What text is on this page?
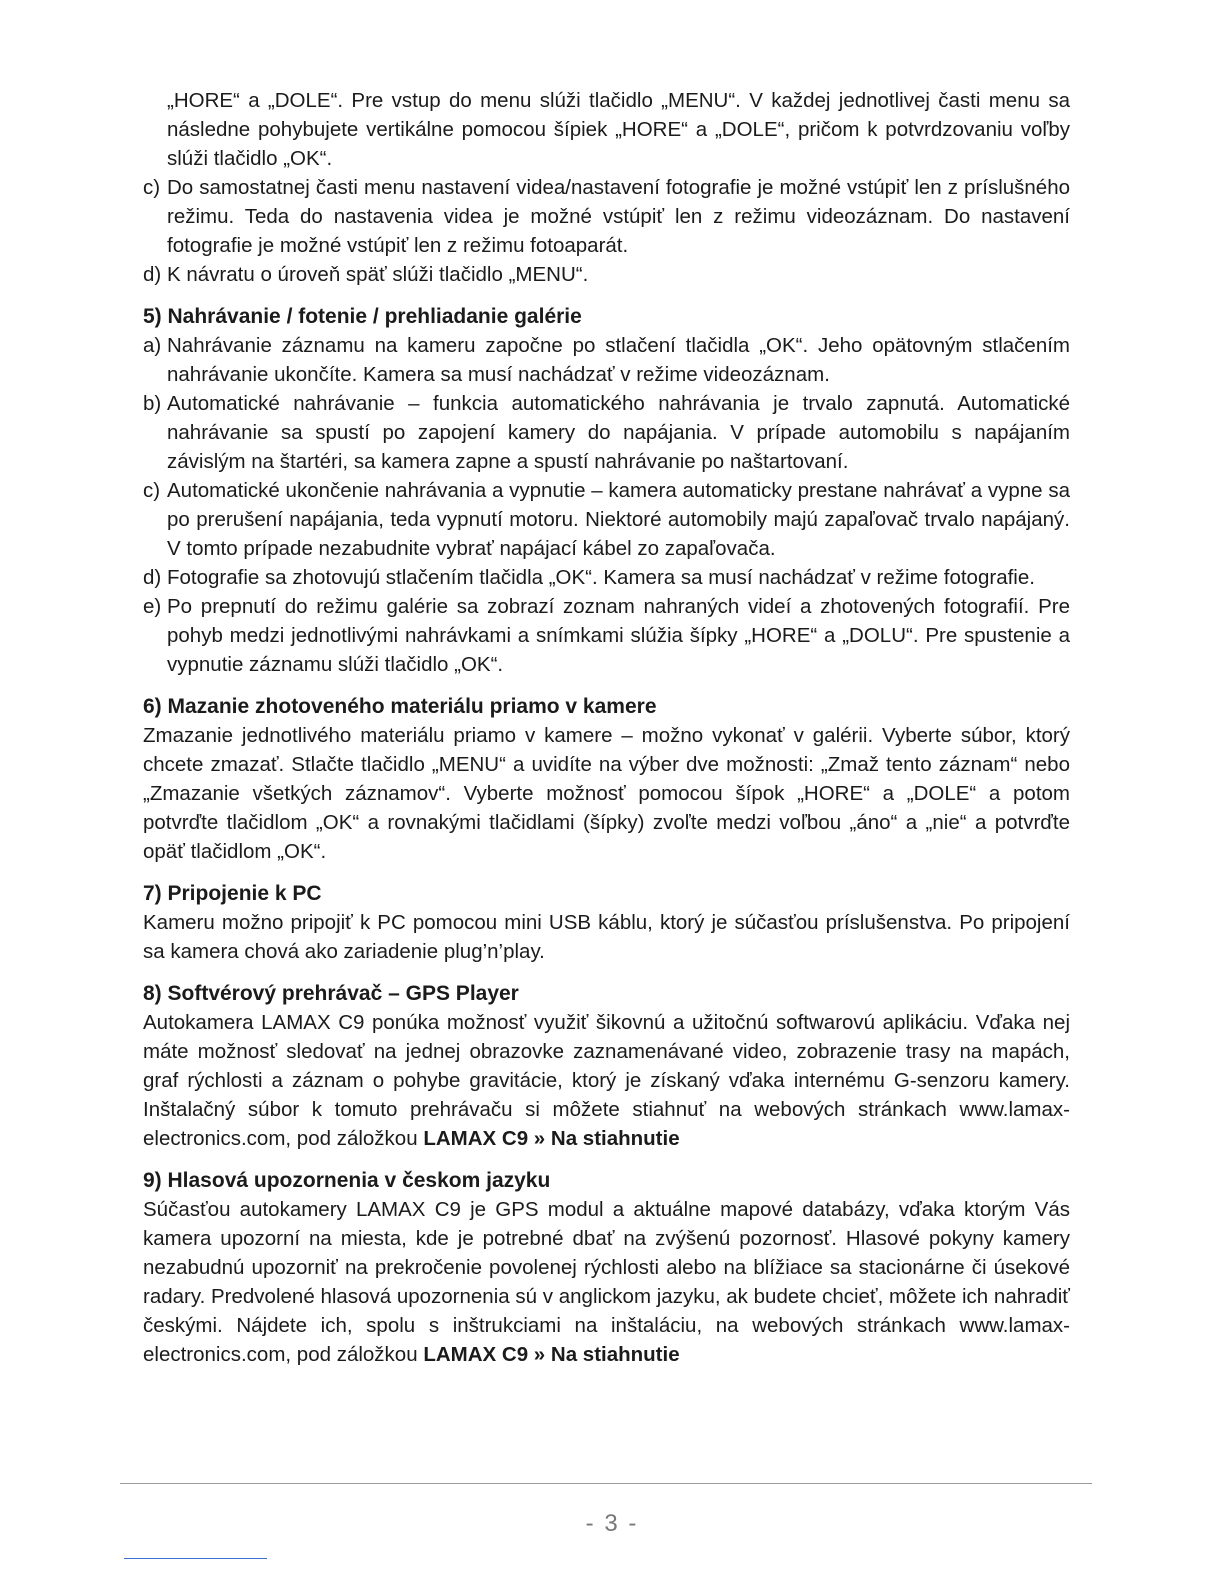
„HORE“ a „DOLE“. Pre vstup do menu slúži tlačidlo „MENU“. V každej jednotlivej časti menu sa následne pohybujete vertikálne pomocou šípiek „HORE“ a „DOLE“, pričom k potvrdzovaniu voľby slúži tlačidlo „OK“.

c) Do samostatnej časti menu nastavení videa/nastavení fotografie je možné vstúpiť len z príslušného režimu. Teda do nastavenia videa je možné vstúpiť len z režimu videozáznam. Do nastavení fotografie je možné vstúpiť len z režimu fotoaparát.
d) K návratu o úroveň späť slúži tlačidlo „MENU“.
5) Nahrávanie / fotenie / prehliadanie galérie
a) Nahrávanie záznamu na kameru započne po stlačení tlačidla „OK“. Jeho opätovným stlačením nahrávanie ukončíte. Kamera sa musí nachádzať v režime videozáznam.
b) Automatické nahrávanie – funkcia automatického nahrávania je trvalo zapnutá. Automatické nahrávanie sa spustí po zapojení kamery do napájania. V prípade automobilu s napájaním závislým na štartéri, sa kamera zapne a spustí nahrávanie po naštartovaní.
c) Automatické ukončenie nahrávania a vypnutie – kamera automaticky prestane nahrávať a vypne sa po prerušení napájania, teda vypnutí motoru. Niektoré automobily majú zapaľovač trvalo napájaný. V tomto prípade nezabudnite vybrať napájací kábel zo zapaľovača.
d) Fotografie sa zhotovujú stlačením tlačidla „OK“. Kamera sa musí nachádzať v režime fotografie.
e) Po prepnutí do režimu galérie sa zobrazí zoznam nahraných videí a zhotovených fotografií. Pre pohyb medzi jednotlivými nahrávkami a snímkami slúžia šípky „HORE“ a „DOLU“. Pre spustenie a vypnutie záznamu slúži tlačidlo „OK“.
6) Mazanie zhotoveného materiálu priamo v kamere

Zmazanie jednotlivého materiálu priamo v kamere – možno vykonať v galérii. Vyberte súbor, ktorý chcete zmazať. Stlačte tlačidlo „MENU“ a uvidíte na výber dve možnosti: „Zmaž tento záznam“ nebo „Zmazanie všetkých záznamov“. Vyberte možnosť pomocou šípok „HORE“ a „DOLE“ a potom potvrďte tlačidlom „OK“ a rovnakými tlačidlami (šípky) zvoľte medzi voľbou „áno“ a „nie“ a potvrďte opäť tlačidlom „OK“.

7) Pripojenie k PC

Kameru možno pripojiť k PC pomocou mini USB káblu, ktorý je súčasťou príslušenstva. Po pripojení sa kamera chová ako zariadenie plug’n’play.

8) Softvérový prehrávač – GPS Player

Autokamera LAMAX C9 ponúka možnosť využiť šikovnú a užitočnú softwarovú aplikáciu. Vďaka nej máte možnosť sledovať na jednej obrazovke zaznamenávané video, zobrazenie trasy na mapách, graf rýchlosti a záznam o pohybe gravitácie, ktorý je získaný vďaka internému G-senzoru kamery. Inštalačný súbor k tomuto prehrávaču si môžete stiahnuť na webových stránkach www.lamax-electronics.com, pod záložkou LAMAX C9 » Na stiahnutie

9) Hlasová upozornenia v českom jazyku

Súčasťou autokamery LAMAX C9 je GPS modul a aktuálne mapové databázy, vďaka ktorým Vás kamera upozorní na miesta, kde je potrebné dbať na zvýšenú pozornosť. Hlasové pokyny kamery nezabudnú upozorniť na prekročenie povolenej rýchlosti alebo na blížiace sa stacionárne či úsekové radary. Predvolené hlasová upozornenia sú v anglickom jazyku, ak budete chcieť, môžete ich nahradiť českými. Nájdete ich, spolu s inštrukciami na inštaláciu, na webových stránkach www.lamax-electronics.com, pod záložkou LAMAX C9 » Na stiahnutie

- 3 -
